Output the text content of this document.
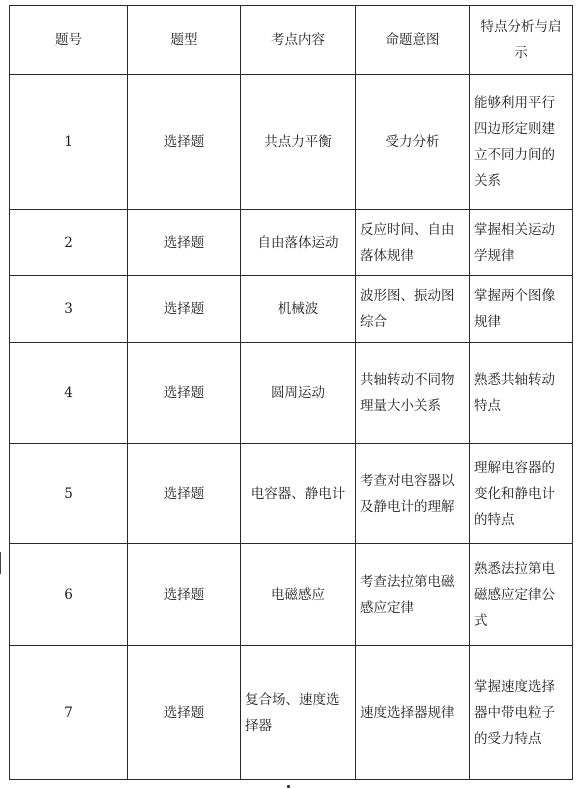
题号	题型	考点内容	命题意图	特点分析与启示
1	选择题	共点力平衡	受力分析	能够利用平行四边形定则建立不同力间的关系
2	选择题	自由落体运动	反应时间、自由落体规律	掌握相关运动学规律
3	选择题	机械波	波形图、振动图综合	掌握两个图像规律
4	选择题	圆周运动	共轴转动不同物理量大小关系	熟悉共轴转动特点
5	选择题	电容器、静电计	考查对电容器以及静电计的理解	理解电容器的变化和静电计的特点
6	选择题	电磁感应	考查法拉第电磁感应定律	熟悉法拉第电磁感应定律公式
7	选择题	复合场、速度选择器	速度选择器规律	掌握速度选择器中带电粒子的受力特点
